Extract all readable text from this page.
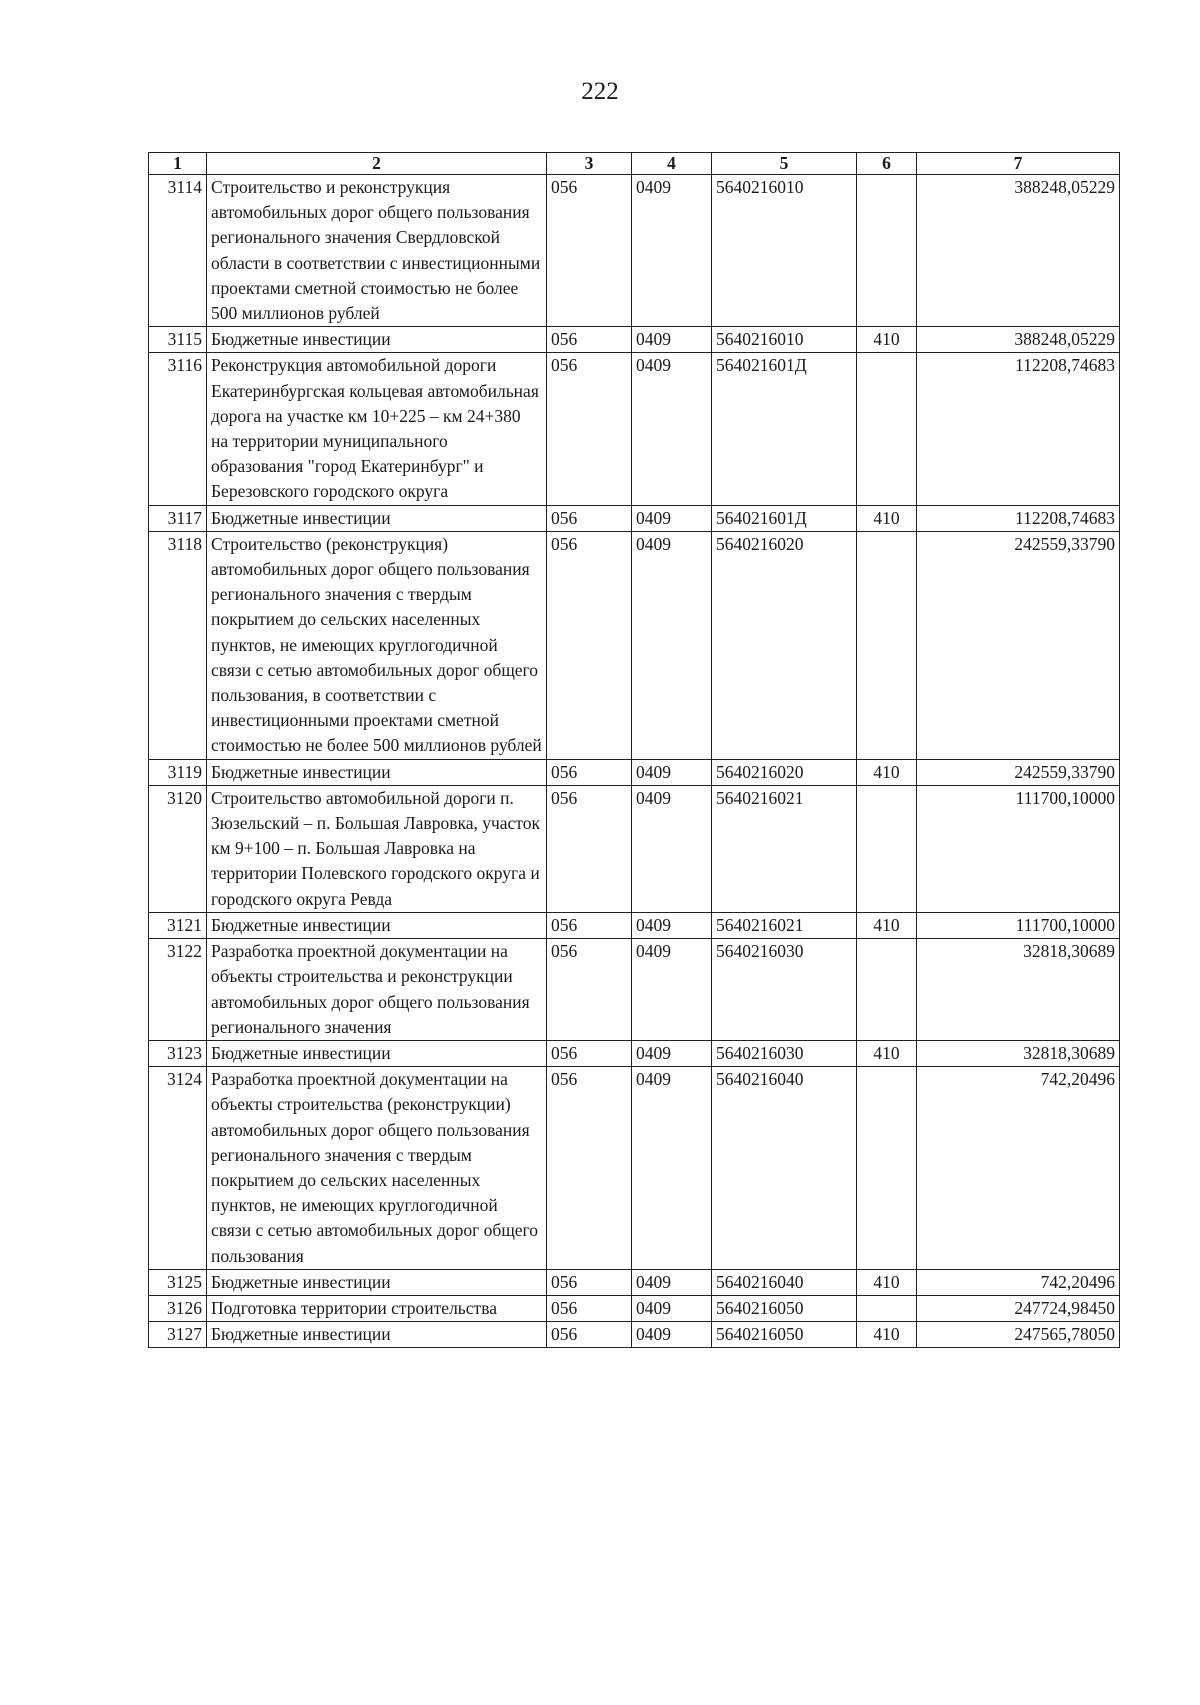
222
1	2	3	4	5	6	7
3114	Строительство и реконструкция автомобильных дорог общего пользования регионального значения Свердловской области в соответствии с инвестиционными проектами сметной стоимостью не более 500 миллионов рублей	056	0409	5640216010		388248,05229
3115	Бюджетные инвестиции	056	0409	5640216010	410	388248,05229
3116	Реконструкция автомобильной дороги Екатеринбургская кольцевая автомобильная дорога на участке км 10+225 – км 24+380 на территории муниципального образования "город Екатеринбург" и Березовского городского округа	056	0409	564021601Д		112208,74683
3117	Бюджетные инвестиции	056	0409	564021601Д	410	112208,74683
3118	Строительство (реконструкция) автомобильных дорог общего пользования регионального значения с твердым покрытием до сельских населенных пунктов, не имеющих круглогодичной связи с сетью автомобильных дорог общего пользования, в соответствии с инвестиционными проектами сметной стоимостью не более 500 миллионов рублей	056	0409	5640216020		242559,33790
3119	Бюджетные инвестиции	056	0409	5640216020	410	242559,33790
3120	Строительство автомобильной дороги п. Зюзельский – п. Большая Лавровка, участок км 9+100 – п. Большая Лавровка на территории Полевского городского округа и городского округа Ревда	056	0409	5640216021		111700,10000
3121	Бюджетные инвестиции	056	0409	5640216021	410	111700,10000
3122	Разработка проектной документации на объекты строительства и реконструкции автомобильных дорог общего пользования регионального значения	056	0409	5640216030		32818,30689
3123	Бюджетные инвестиции	056	0409	5640216030	410	32818,30689
3124	Разработка проектной документации на объекты строительства (реконструкции) автомобильных дорог общего пользования регионального значения с твердым покрытием до сельских населенных пунктов, не имеющих круглогодичной связи с сетью автомобильных дорог общего пользования	056	0409	5640216040		742,20496
3125	Бюджетные инвестиции	056	0409	5640216040	410	742,20496
3126	Подготовка территории строительства	056	0409	5640216050		247724,98450
3127	Бюджетные инвестиции	056	0409	5640216050	410	247565,78050
